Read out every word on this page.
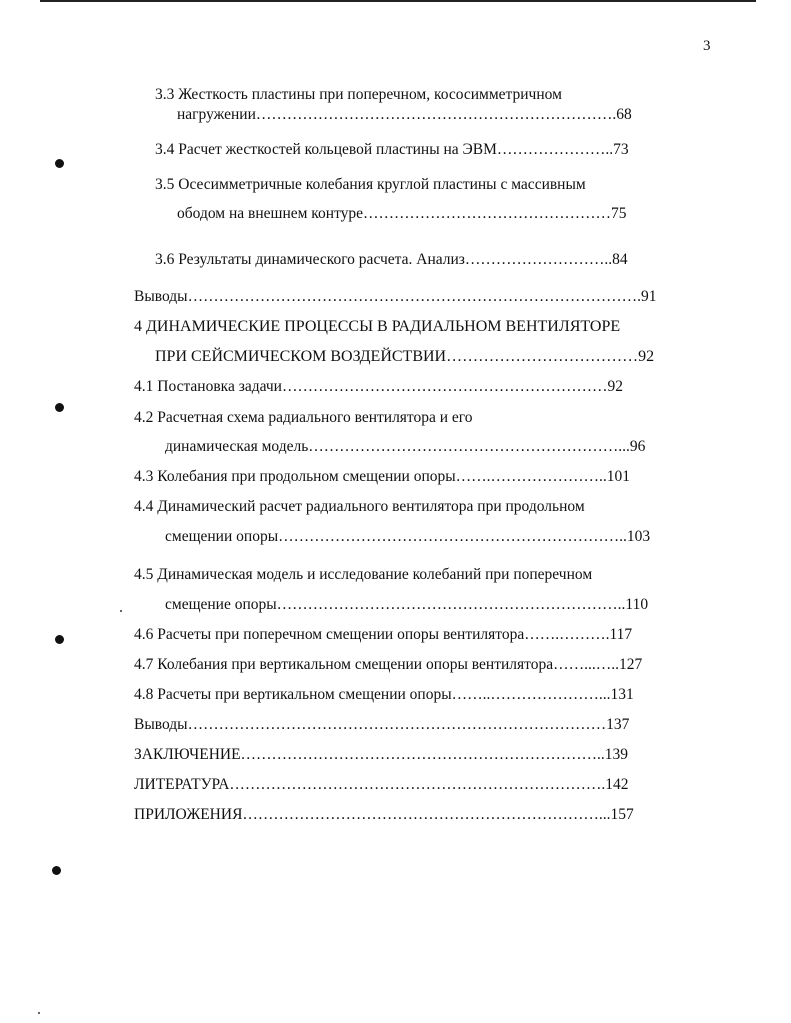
3
3.3 Жесткость пластины при поперечном, кососимметричном
нагружении…………………………………………………………….68
3.4 Расчет жесткостей кольцевой пластины на ЭВМ…………………..73
3.5 Осесимметричные колебания круглой пластины с массивным
ободом на внешнем контуре…………………………………………75
3.6 Результаты динамического расчета. Анализ………………………..84
Выводы…………………………………………………………………………….91
4 ДИНАМИЧЕСКИЕ ПРОЦЕССЫ В РАДИАЛЬНОМ ВЕНТИЛЯТОРЕ
ПРИ СЕЙСМИЧЕСКОМ ВОЗДЕЙСТВИИ………………………………92
4.1 Постановка задачи………………………………………………………92
4.2 Расчетная схема радиального вентилятора и его
динамическая модель……………………………………………………...96
4.3 Колебания при продольном смещении опоры…….…………………..101
4.4 Динамический расчет радиального вентилятора при продольном
смещении опоры…………………………………………………………..103
4.5 Динамическая модель и исследование колебаний при поперечном
смещение опоры…………………………………………………………..110
4.6 Расчеты при поперечном смещении опоры вентилятора…….……….117
4.7 Колебания при вертикальном смещении опоры вентилятора……...…..127
4.8 Расчеты при вертикальном смещении опоры……..…………………...131
Выводы………………………………………………………………………137
ЗАКЛЮЧЕНИЕ……………………………………………………………..139
ЛИТЕРАТУРА……………………………………………………………….142
ПРИЛОЖЕНИЯ……………………………………………………………...157
